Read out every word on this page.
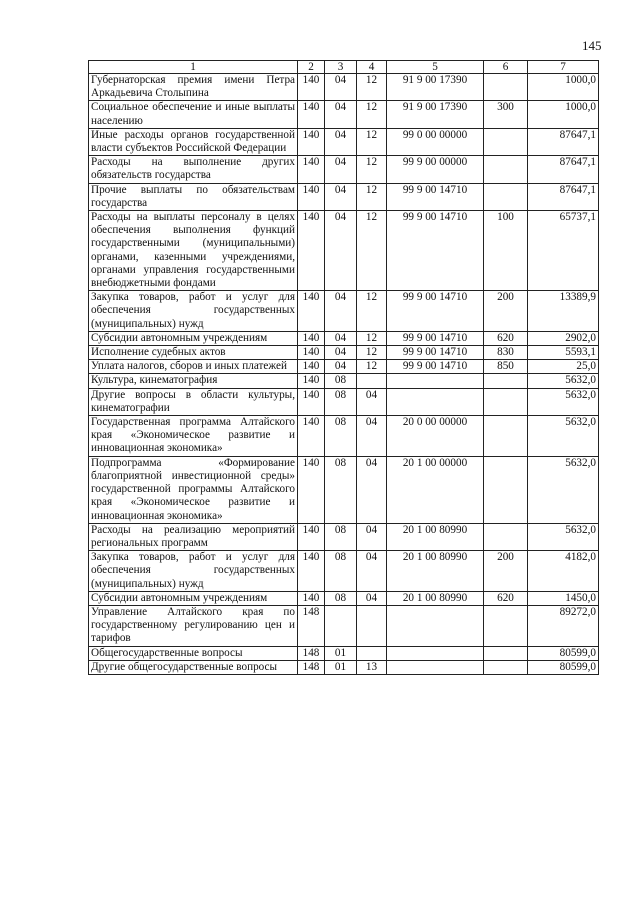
145
1	2	3	4	5	6	7
Губернаторская премия имени Петра Аркадьевича Столыпина	140	04	12	91 9 00 17390		1000,0
Социальное обеспечение и иные выплаты населению	140	04	12	91 9 00 17390	300	1000,0
Иные расходы органов государственной власти субъектов Российской Федерации	140	04	12	99 0 00 00000		87647,1
Расходы на выполнение других обязательств государства	140	04	12	99 9 00 00000		87647,1
Прочие выплаты по обязательствам государства	140	04	12	99 9 00 14710		87647,1
Расходы на выплаты персоналу в целях обеспечения выполнения функций государственными (муниципальными) органами, казенными учреждениями, органами управления государственными внебюджетными фондами	140	04	12	99 9 00 14710	100	65737,1
Закупка товаров, работ и услуг для обеспечения государственных (муниципальных) нужд	140	04	12	99 9 00 14710	200	13389,9
Субсидии автономным учреждениям	140	04	12	99 9 00 14710	620	2902,0
Исполнение судебных актов	140	04	12	99 9 00 14710	830	5593,1
Уплата налогов, сборов и иных платежей	140	04	12	99 9 00 14710	850	25,0
Культура, кинематография	140	08				5632,0
Другие вопросы в области культуры, кинематографии	140	08	04			5632,0
Государственная программа Алтайского края «Экономическое развитие и инновационная экономика»	140	08	04	20 0 00 00000		5632,0
Подпрограмма «Формирование благоприятной инвестиционной среды» государственной программы Алтайского края «Экономическое развитие и инновационная экономика»	140	08	04	20 1 00 00000		5632,0
Расходы на реализацию мероприятий региональных программ	140	08	04	20 1 00 80990		5632,0
Закупка товаров, работ и услуг для обеспечения государственных (муниципальных) нужд	140	08	04	20 1 00 80990	200	4182,0
Субсидии автономным учреждениям	140	08	04	20 1 00 80990	620	1450,0
Управление Алтайского края по государственному регулированию цен и тарифов	148					89272,0
Общегосударственные вопросы	148	01				80599,0
Другие общегосударственные вопросы	148	01	13			80599,0
